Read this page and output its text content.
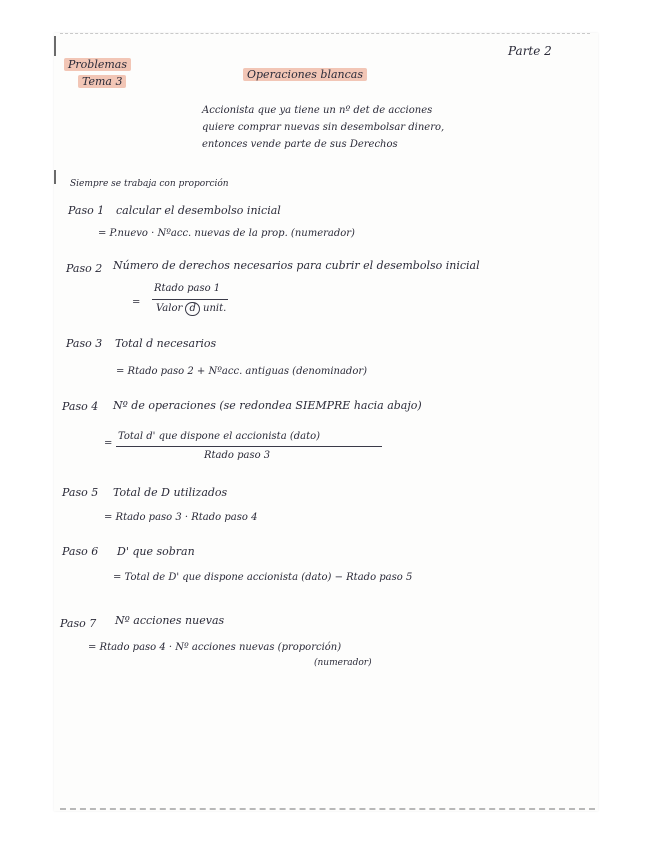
Parte 2
Problemas
Tema 3
Operaciones blancas
Accionista que ya tiene un nº det de acciones
quiere comprar nuevas sin desembolsar dinero,
entonces vende parte de sus Derechos
Siempre se trabaja con proporción
Paso 1 calcular el desembolso inicial
= P.nuevo · Nºacc. nuevas de la prop. (numerador)
Paso 2 Número de derechos necesarios para cubrir el desembolso inicial
Rtado paso 1
=
Valor d unit.
Paso 3 Total d necesarios
= Rtado paso 2 + Nºacc. antiguas (denominador)
Paso 4 Nº de operaciones (se redondea SIEMPRE hacia abajo)
=
Total d' que dispone el accionista (dato)
Rtado paso 3
Paso 5 Total de D utilizados
= Rtado paso 3 · Rtado paso 4
Paso 6 D' que sobran
= Total de D' que dispone accionista (dato) − Rtado paso 5
Paso 7 Nº acciones nuevas
= Rtado paso 4 · Nº acciones nuevas (proporción)
(numerador)
